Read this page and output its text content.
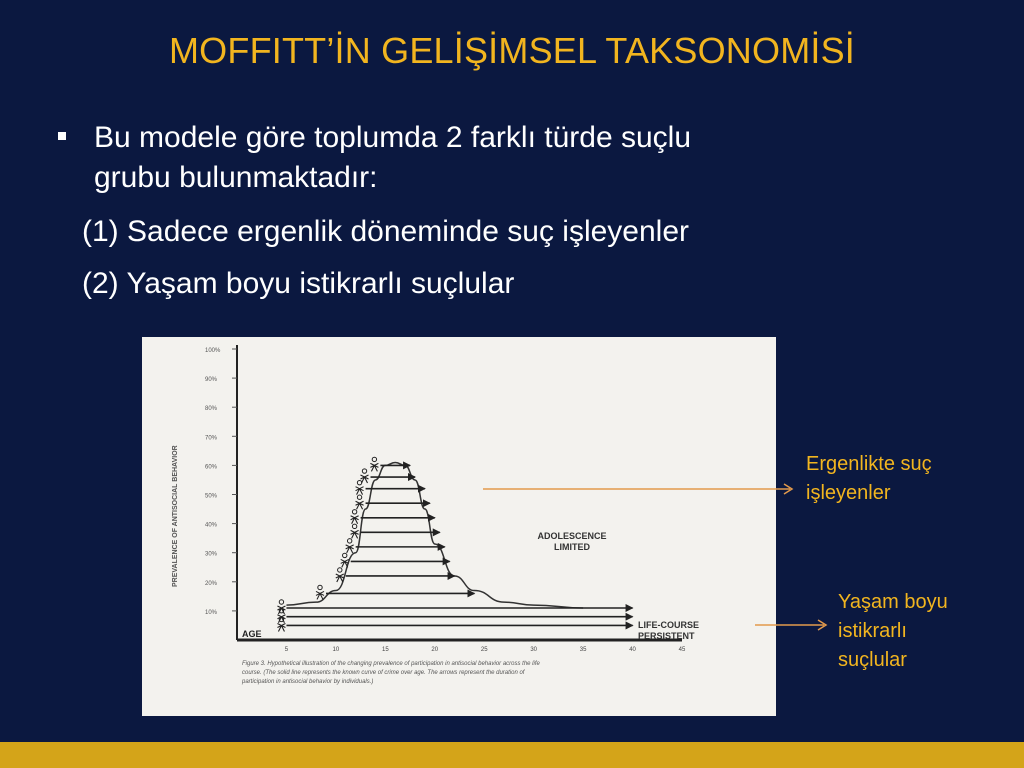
MOFFITT’İN GELİŞİMSEL TAKSONOMİSİ
Bu modele göre toplumda 2 farklı türde suçlu
grubu bulunmaktadır:
(1) Sadece ergenlik döneminde suç işleyenler
(2) Yaşam boyu istikrarlı suçlular
10%
20%
30%
40%
50%
60%
70%
80%
90%
100%
5	10	15	20	25	30	35	40	45
PREVALENCE OF ANTISOCIAL BEHAVIOR
AGE
ADOLESCENCE
LIMITED
LIFE-COURSE
PERSISTENT
Figure 3. Hypothetical illustration of the changing prevalence of participation in antisocial behavior across the life
course. (The solid line represents the known curve of crime over age. The arrows represent the duration of
participation in antisocial behavior by individuals.)
Ergenlikte suç
işleyenler
Yaşam boyu
istikrarlı
suçlular
